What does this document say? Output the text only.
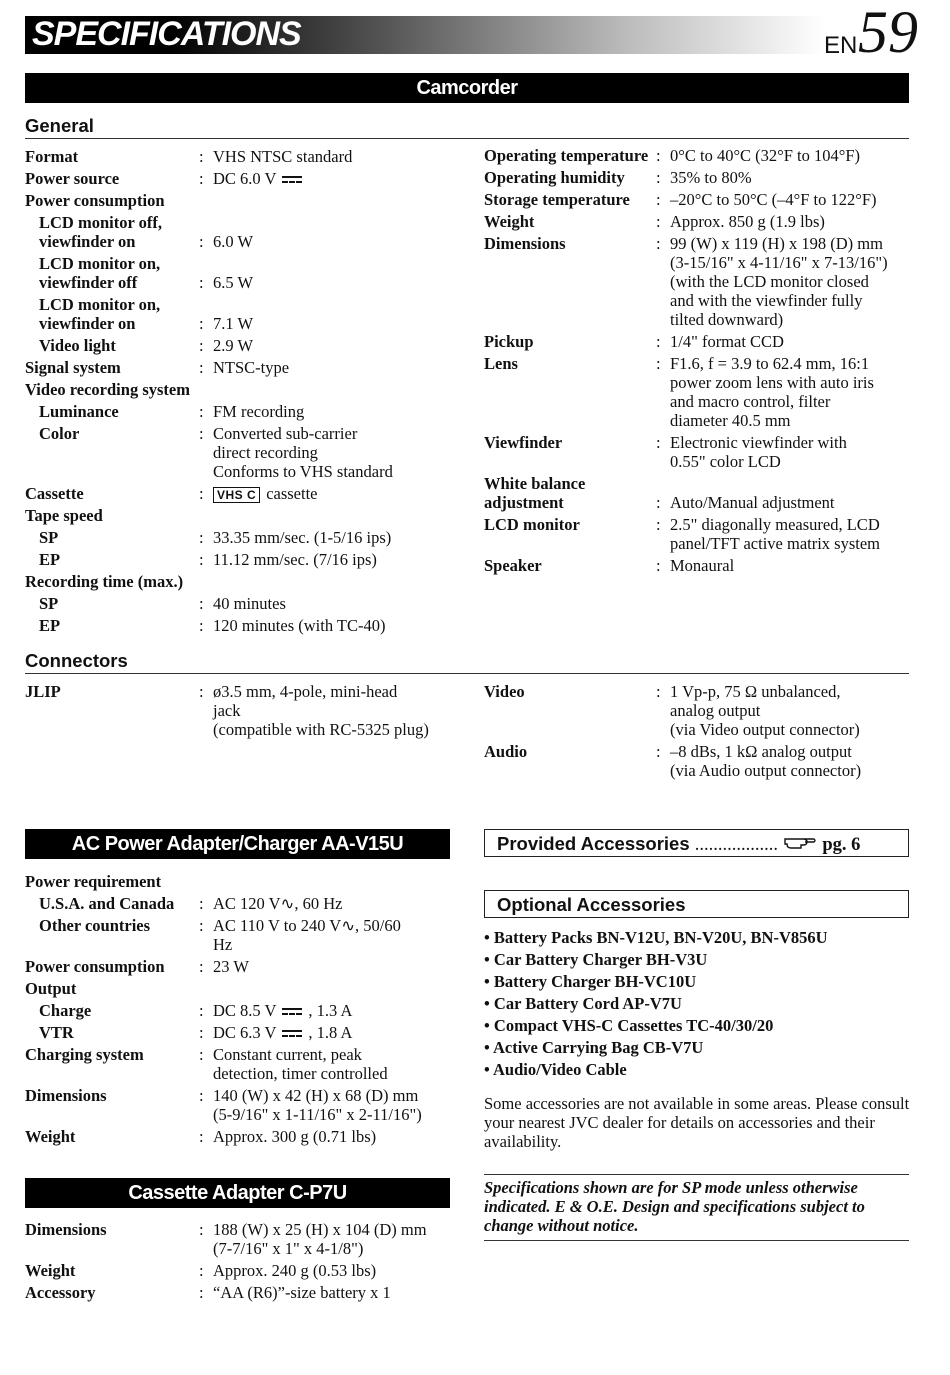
SPECIFICATIONS	EN 59
Camcorder
General
Format	: VHS NTSC standard
Power source	: DC 6.0 V
Power consumption
LCD monitor off,
viewfinder on	: 6.0 W
LCD monitor on,
viewfinder off	: 6.5 W
LCD monitor on,
viewfinder on	: 7.1 W
Video light	: 2.9 W
Signal system	: NTSC-type
Video recording system
Luminance	: FM recording
Color	: Converted sub-carrier
direct recording
Conforms to VHS standard
Cassette	:	VHS C cassette
Tape speed
SP	: 33.35 mm/sec. (1-5/16 ips)
EP	: 11.12 mm/sec. (7/16 ips)
Recording time (max.)
SP	: 40 minutes
EP	: 120 minutes (with TC-40)
Operating temperature : 0°C to 40°C (32°F to 104°F)
Operating humidity	: 35% to 80%
Storage temperature	: –20°C to 50°C (–4°F to 122°F)
Weight	: Approx. 850 g (1.9 lbs)
Dimensions	: 99 (W) x 119 (H) x 198 (D) mm
(3-15/16" x 4-11/16" x 7-13/16")
(with the LCD monitor closed
and with the viewfinder fully
tilted downward)
Pickup	: 1/4" format CCD
Lens	: F1.6, f = 3.9 to 62.4 mm, 16:1
power zoom lens with auto iris
and macro control, filter
diameter 40.5 mm
Viewfinder	: Electronic viewfinder with
0.55" color LCD
White balance
adjustment	: Auto/Manual adjustment
LCD monitor	: 2.5" diagonally measured, LCD
panel/TFT active matrix system
Speaker	: Monaural
Connectors
JLIP	: ø3.5 mm, 4-pole, mini-head
jack
(compatible with RC-5325 plug)
Video	: 1 Vp-p, 75 Ω unbalanced,
analog output
(via Video output connector)
Audio	: –8 dBs, 1 kΩ analog output
(via Audio output connector)
AC Power Adapter/Charger AA-V15U
Power requirement
U.S.A. and Canada	: AC 120 V∿, 60 Hz
Other countries	: AC 110 V to 240 V∿, 50/60
Hz
Power consumption	: 23 W
Output
Charge	: DC 8.5 V  , 1.3 A
VTR	: DC 6.3 V  , 1.8 A
Charging system	: Constant current, peak
detection, timer controlled
Dimensions	: 140 (W) x 42 (H) x 68 (D) mm
(5-9/16" x 1-11/16" x 2-11/16")
Weight	: Approx. 300 g (0.71 lbs)
Cassette Adapter C-P7U
Dimensions	: 188 (W) x 25 (H) x 104 (D) mm
(7-7/16" x 1" x 4-1/8")
Weight	: Approx. 240 g (0.53 lbs)
Accessory	: “AA (R6)”-size battery x 1
Provided Accessories .................. pg. 6
Optional Accessories
• Battery Packs BN-V12U, BN-V20U, BN-V856U
• Car Battery Charger BH-V3U
• Battery Charger BH-VC10U
• Car Battery Cord AP-V7U
• Compact VHS-C Cassettes TC-40/30/20
• Active Carrying Bag CB-V7U
• Audio/Video Cable
Some accessories are not available in some areas. Please consult your nearest JVC dealer for details on accessories and their availability.
Specifications shown are for SP mode unless otherwise indicated. E & O.E. Design and specifications subject to change without notice.
